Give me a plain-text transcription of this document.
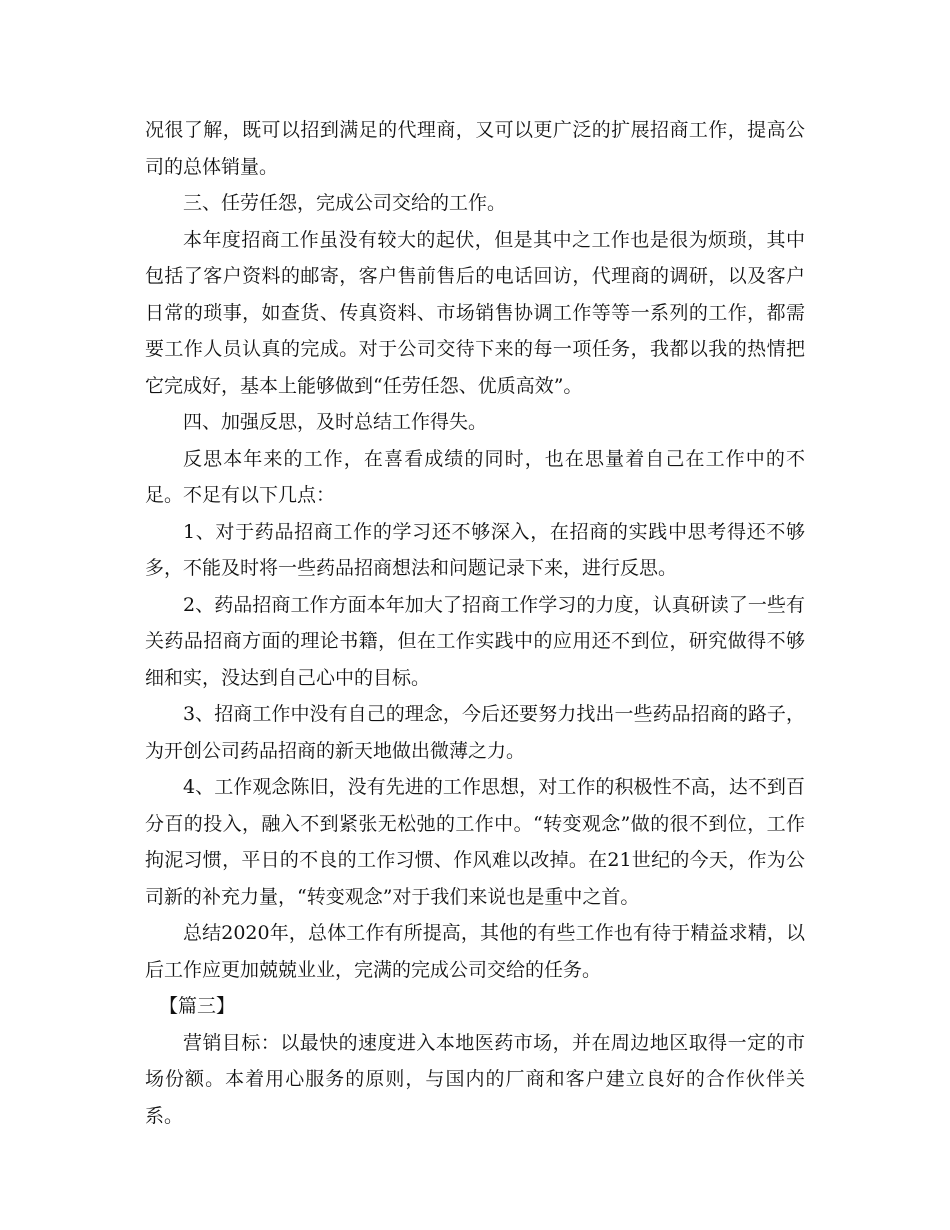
况很了解，既可以招到满足的代理商，又可以更广泛的扩展招商工作，提高公司的总体销量。

三、任劳任怨，完成公司交给的工作。

本年度招商工作虽没有较大的起伏，但是其中之工作也是很为烦琐，其中包括了客户资料的邮寄，客户售前售后的电话回访，代理商的调研，以及客户日常的琐事，如查货、传真资料、市场销售协调工作等等一系列的工作，都需要工作人员认真的完成。对于公司交待下来的每一项任务，我都以我的热情把它完成好，基本上能够做到“任劳任怨、优质高效”。

四、加强反思，及时总结工作得失。

反思本年来的工作，在喜看成绩的同时，也在思量着自己在工作中的不足。不足有以下几点：

1、对于药品招商工作的学习还不够深入，在招商的实践中思考得还不够多，不能及时将一些药品招商想法和问题记录下来，进行反思。

2、药品招商工作方面本年加大了招商工作学习的力度，认真研读了一些有关药品招商方面的理论书籍，但在工作实践中的应用还不到位，研究做得不够细和实，没达到自己心中的目标。

3、招商工作中没有自己的理念，今后还要努力找出一些药品招商的路子，为开创公司药品招商的新天地做出微薄之力。

4、工作观念陈旧，没有先进的工作思想，对工作的积极性不高，达不到百分百的投入，融入不到紧张无松弛的工作中。“转变观念”做的很不到位，工作拘泥习惯，平日的不良的工作习惯、作风难以改掉。在21世纪的今天，作为公司新的补充力量，“转变观念”对于我们来说也是重中之首。

总结2020年，总体工作有所提高，其他的有些工作也有待于精益求精，以后工作应更加兢兢业业，完满的完成公司交给的任务。

【篇三】

营销目标：以最快的速度进入本地医药市场，并在周边地区取得一定的市场份额。本着用心服务的原则，与国内的厂商和客户建立良好的合作伙伴关系。
